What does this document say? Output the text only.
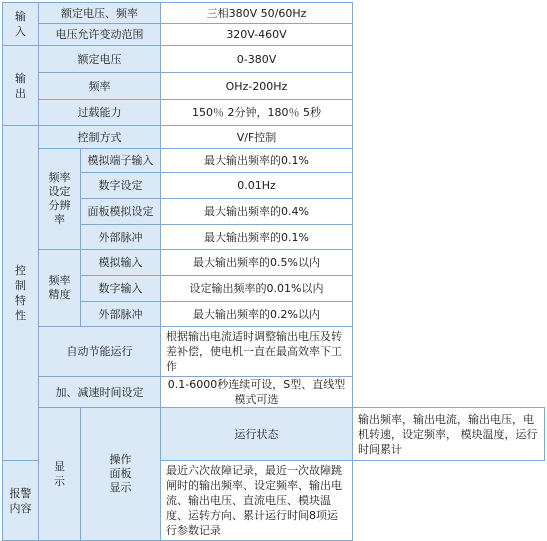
输入	额定电压、频率		三相380V 50/60Hz	
	电压允许变动范围		320V-460V	
输出	额定电压		0-380V	
	频率		OHz-200Hz	
	过载能力		150％ 2分钟，180％ 5秒	
控制特性	控制方式		V/F控制	
	频率设定分辨率	模拟端子输入	最大输出频率的0.1%	
		数字设定	0.01Hz	
		面板模拟设定	最大输出频率的0.4%	
		外部脉冲	最大输出频率的0.1%	
	频率精度	模拟输入	最大输出频率的0.5%以内	
		数字输入	设定输出频率的0.01%以内	
		外部脉冲	最大输出频率的0.2%以内	
	自动节能运行		根据输出电流适时调整输出电压及转差补偿，使电机一直在最高效率下工作	
	加、减速时间设定		0.1-6000秒连续可设，S型、直线型模式可选	
	显示	操作面板显示	运行状态	输出频率，输出电流，输出电压，电机转速，设定频率， 模块温度，运行时间累计
报警内容			最近六次故障记录，最近一次故障跳闸时的输出频率、设定频率、输出电流、输出电压、直流电压、模块温度、运转方向、累计运行时间8项运行参数记录	
